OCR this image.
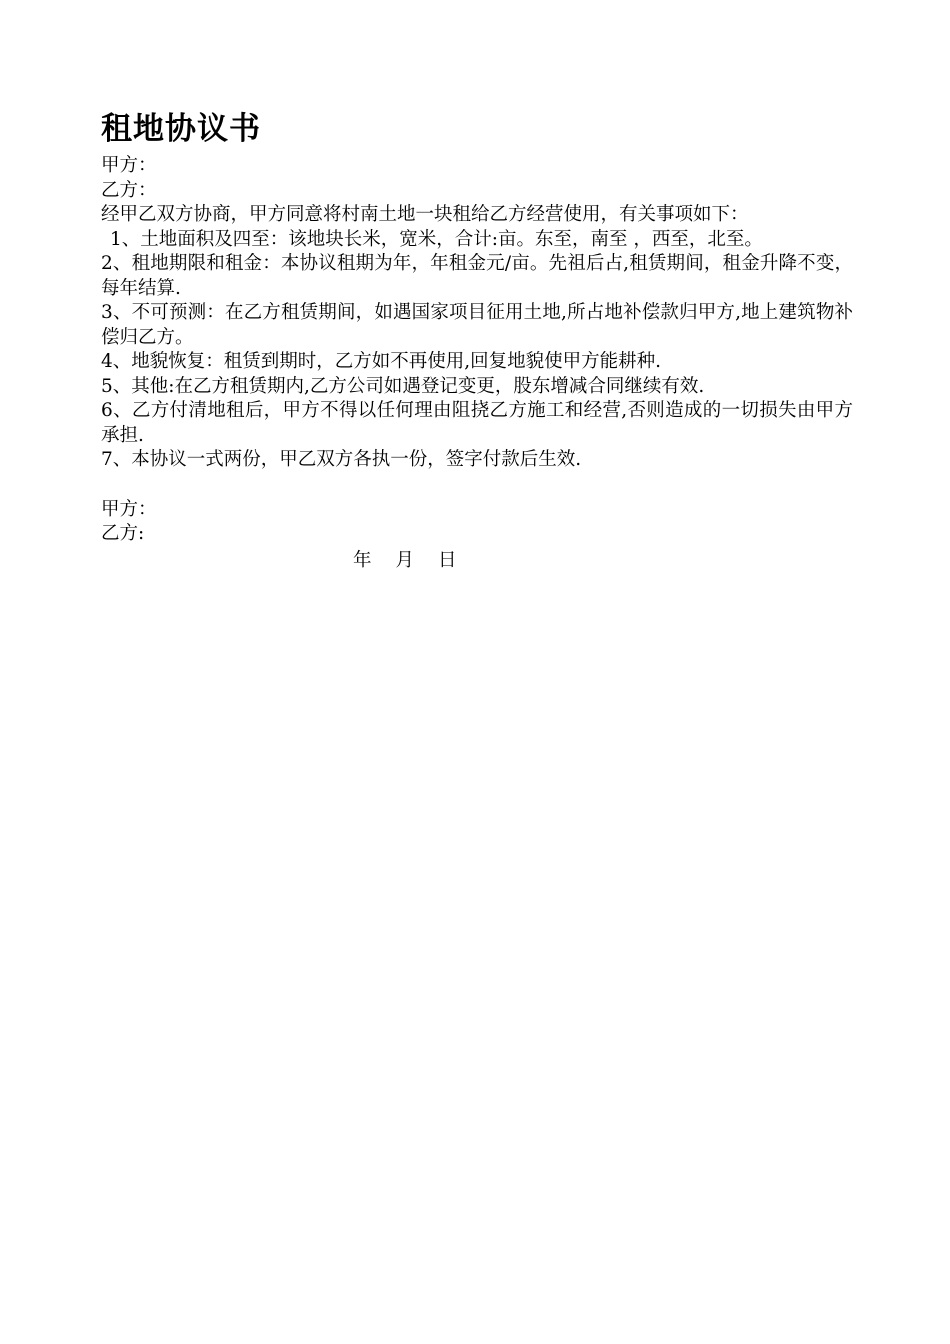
租地协议书

甲方：

乙方：

经甲乙双方协商，甲方同意将村南土地一块租给乙方经营使用，有关事项如下：

1、土地面积及四至：该地块长米，宽米，合计:亩。东至，南至 ，西至，北至。

2、租地期限和租金：本协议租期为年，年租金元/亩。先祖后占,租赁期间，租金升降不变，每年结算.

3、不可预测：在乙方租赁期间，如遇国家项目征用土地,所占地补偿款归甲方,地上建筑物补偿归乙方。

4、地貌恢复：租赁到期时，乙方如不再使用,回复地貌使甲方能耕种.

5、其他:在乙方租赁期内,乙方公司如遇登记变更，股东增减合同继续有效.

6、乙方付清地租后，甲方不得以任何理由阻挠乙方施工和经营,否则造成的一切损失由甲方承担.

7、本协议一式两份，甲乙双方各执一份，签字付款后生效.

甲方：

乙方:

年 月 日
